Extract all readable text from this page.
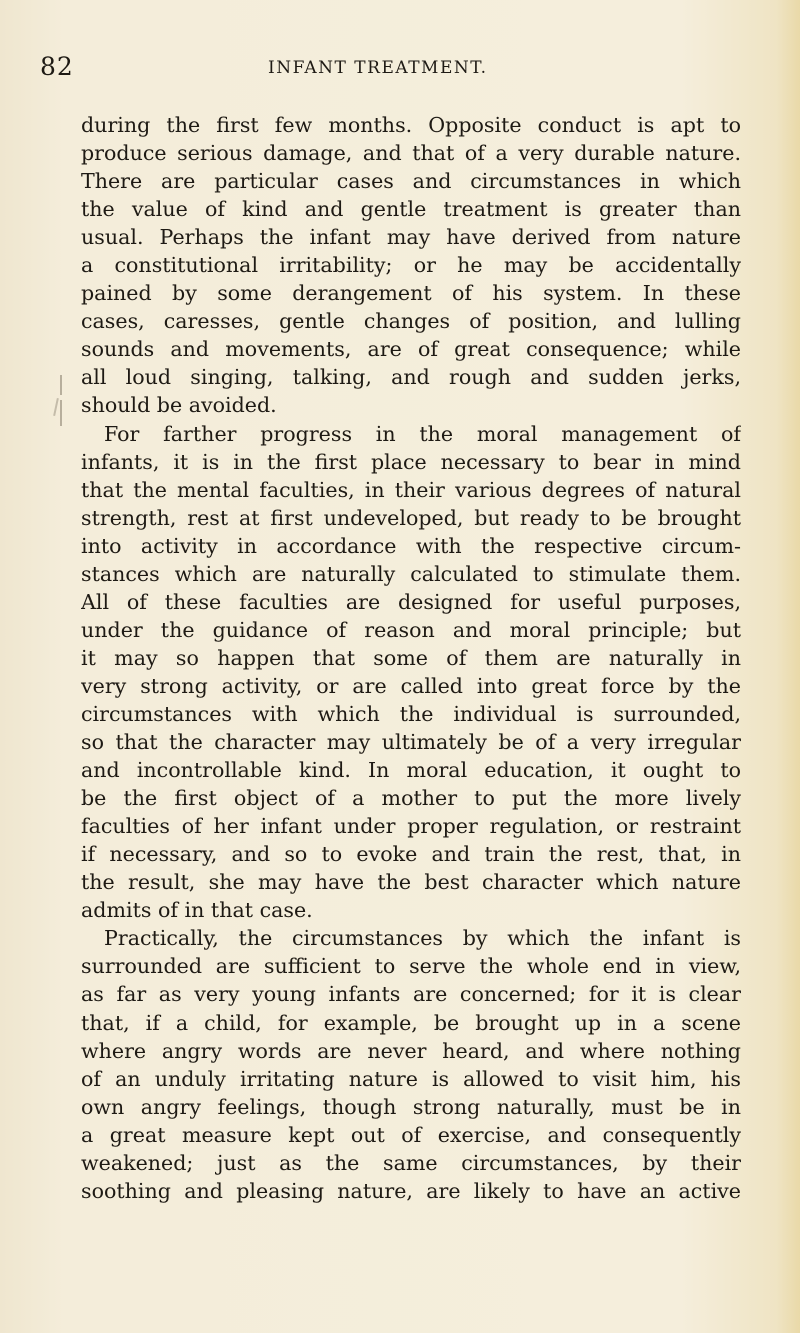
82	INFANT TREATMENT.
during the first few months. Opposite conduct is apt to
produce serious damage, and that of a very durable nature.
There are particular cases and circumstances in which
the value of kind and gentle treatment is greater than
usual. Perhaps the infant may have derived from nature
a constitutional irritability; or he may be accidentally
pained by some derangement of his system. In these
cases, caresses, gentle changes of position, and lulling
sounds and movements, are of great consequence; while
all loud singing, talking, and rough and sudden jerks,
should be avoided.
For farther progress in the moral management of
infants, it is in the first place necessary to bear in mind
that the mental faculties, in their various degrees of natural
strength, rest at first undeveloped, but ready to be brought
into activity in accordance with the respective circum-
stances which are naturally calculated to stimulate them.
All of these faculties are designed for useful purposes,
under the guidance of reason and moral principle; but
it may so happen that some of them are naturally in
very strong activity, or are called into great force by the
circumstances with which the individual is surrounded,
so that the character may ultimately be of a very irregular
and incontrollable kind. In moral education, it ought to
be the first object of a mother to put the more lively
faculties of her infant under proper regulation, or restraint
if necessary, and so to evoke and train the rest, that, in
the result, she may have the best character which nature
admits of in that case.
Practically, the circumstances by which the infant is
surrounded are sufficient to serve the whole end in view,
as far as very young infants are concerned; for it is clear
that, if a child, for example, be brought up in a scene
where angry words are never heard, and where nothing
of an unduly irritating nature is allowed to visit him, his
own angry feelings, though strong naturally, must be in
a great measure kept out of exercise, and consequently
weakened; just as the same circumstances, by their
soothing and pleasing nature, are likely to have an active
